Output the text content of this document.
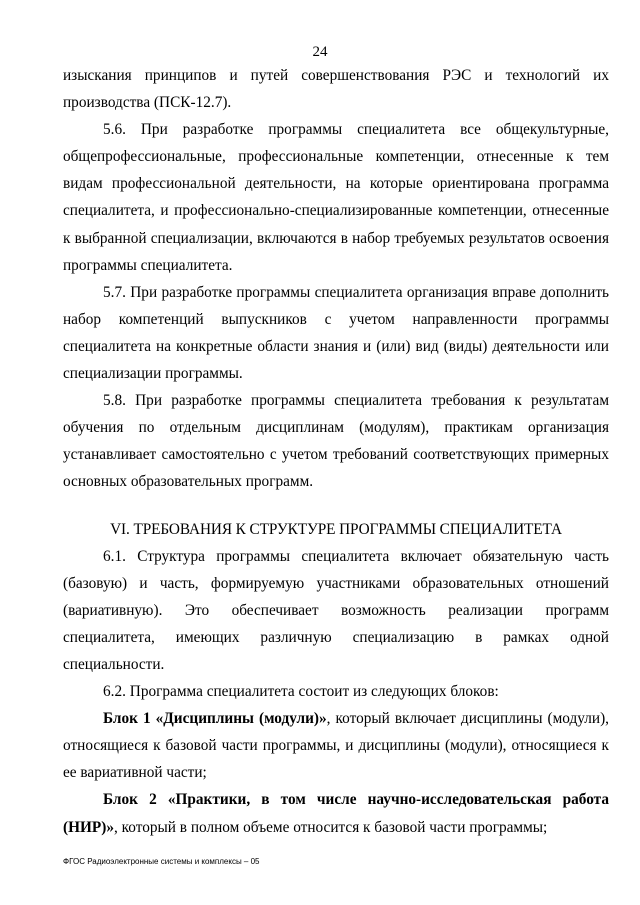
24

изыскания принципов и путей совершенствования РЭС и технологий их производства (ПСК-12.7).

5.6. При разработке программы специалитета все общекультурные, общепрофессиональные, профессиональные компетенции, отнесенные к тем видам профессиональной деятельности, на которые ориентирована программа специалитета, и профессионально-специализированные компетенции, отнесенные к выбранной специализации, включаются в набор требуемых результатов освоения программы специалитета.

5.7. При разработке программы специалитета организация вправе дополнить набор компетенций выпускников с учетом направленности программы специалитета на конкретные области знания и (или) вид (виды) деятельности или специализации программы.

5.8. При разработке программы специалитета требования к результатам обучения по отдельным дисциплинам (модулям), практикам организация устанавливает самостоятельно с учетом требований соответствующих примерных основных образовательных программ.

VI. ТРЕБОВАНИЯ К СТРУКТУРЕ ПРОГРАММЫ СПЕЦИАЛИТЕТА

6.1. Структура программы специалитета включает обязательную часть (базовую) и часть, формируемую участниками образовательных отношений (вариативную). Это обеспечивает возможность реализации программ специалитета, имеющих различную специализацию в рамках одной специальности.

6.2. Программа специалитета состоит из следующих блоков:

Блок 1 «Дисциплины (модули)», который включает дисциплины (модули), относящиеся к базовой части программы, и дисциплины (модули), относящиеся к ее вариативной части;

Блок 2 «Практики, в том числе научно-исследовательская работа (НИР)», который в полном объеме относится к базовой части программы;

ФГОС Радиоэлектронные системы и комплексы – 05
